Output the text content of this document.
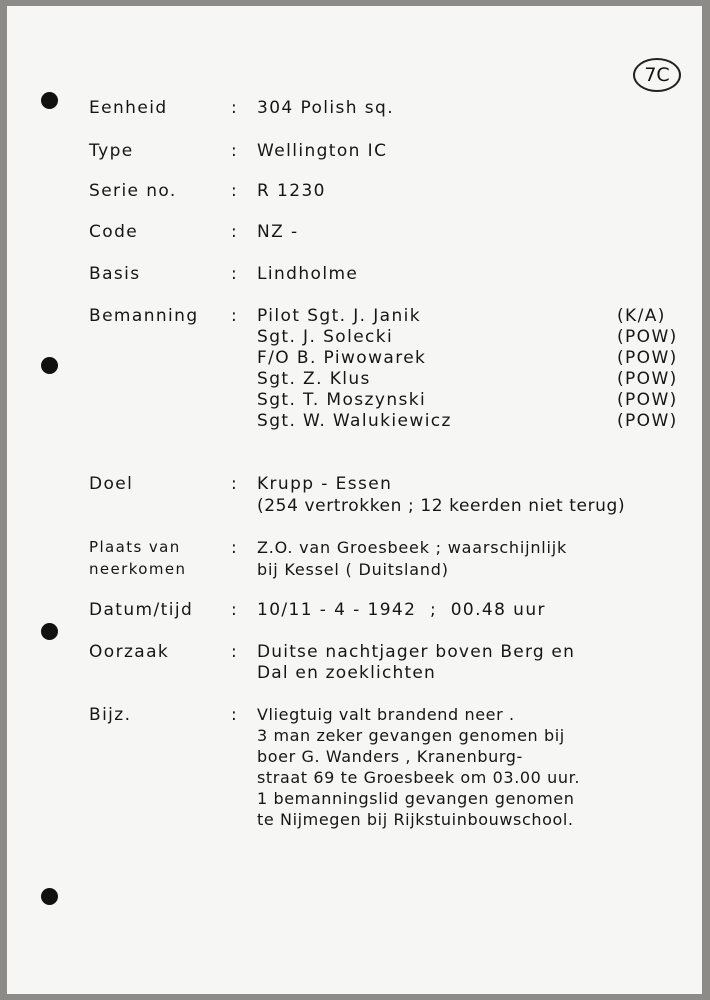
7C
Eenheid	: 304 Polish sq.
Type	: Wellington IC
Serie no.	: R 1230
Code	: NZ -
Basis	: Lindholme
Bemanning : Pilot Sgt. J. Janik	(K/A)
Sgt. J. Solecki	(POW)
F/O B. Piwowarek	(POW)
Sgt. Z. Klus	(POW)
Sgt. T. Moszynski	(POW)
Sgt. W. Walukiewicz	(POW)
Doel	: Krupp - Essen
(254 vertrokken ; 12 keerden niet terug)
Plaats van
neerkomen
: Z.O. van Groesbeek ; waarschijnlijk
bij Kessel ( Duitsland)
Datum/tijd : 10/11 - 4 - 1942  ;  00.48 uur
Oorzaak	: Duitse nachtjager boven Berg en
Dal en zoeklichten
Bijz.	: Vliegtuig valt brandend neer .
3 man zeker gevangen genomen bij
boer G. Wanders , Kranenburg-
straat 69 te Groesbeek om 03.00 uur.
1 bemanningslid gevangen genomen
te Nijmegen bij Rijkstuinbouwschool.
